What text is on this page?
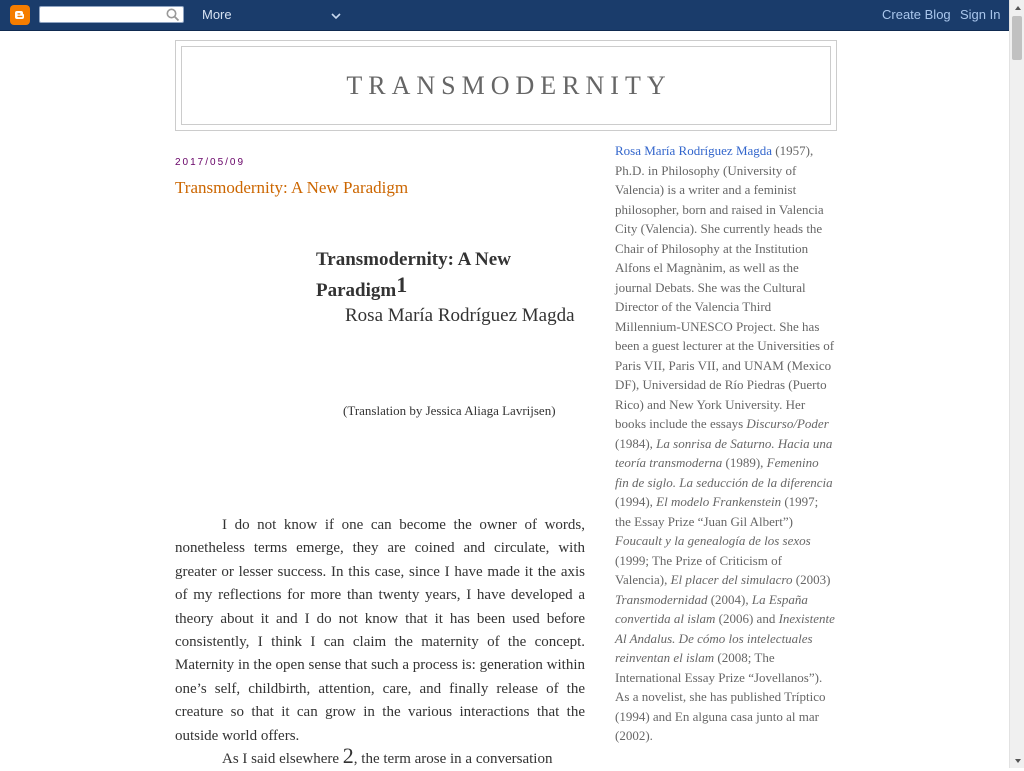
More	Create Blog Sign In
TRANSMODERNITY
2017/05/09
Transmodernity: A New Paradigm
Transmodernity: A New Paradigm$^1$
Rosa María Rodríguez Magda
(Translation by Jessica Aliaga Lavrijsen)

I do not know if one can become the owner of words, nonetheless terms emerge, they are coined and circulate, with greater or lesser success. In this case, since I have made it the axis of my reflections for more than twenty years, I have developed a theory about it and I do not know that it has been used before consistently, I think I can claim the maternity of the concept. Maternity in the open sense that such a process is: generation within one’s self, childbirth, attention, care, and finally release of the creature so that it can grow in the various interactions that the outside world offers.

As I said elsewhere 2, the term arose in a conversation

Rosa María Rodríguez Magda (1957), Ph.D. in Philosophy (University of Valencia) is a writer and a feminist philosopher, born and raised in Valencia City (Valencia). She currently heads the Chair of Philosophy at the Institution Alfons el Magnànim, as well as the journal Debats. She was the Cultural Director of the Valencia Third Millennium-UNESCO Project. She has been a guest lecturer at the Universities of Paris VII, Paris VII, and UNAM (Mexico DF), Universidad de Río Piedras (Puerto Rico) and New York University. Her books include the essays Discurso/Poder (1984), La sonrisa de Saturno. Hacia una teoría transmoderna (1989), Femenino fin de siglo. La seducción de la diferencia (1994), El modelo Frankenstein (1997; the Essay Prize “Juan Gil Albert”) Foucault y la genealogía de los sexos (1999; The Prize of Criticism of Valencia), El placer del simulacro (2003) Transmodernidad (2004), La España convertida al islam (2006) and Inexistente Al Andalus. De cómo los intelectuales reinventan el islam (2008; The International Essay Prize “Jovellanos”). As a novelist, she has published Tríptico (1994) and En alguna casa junto al mar (2002).
